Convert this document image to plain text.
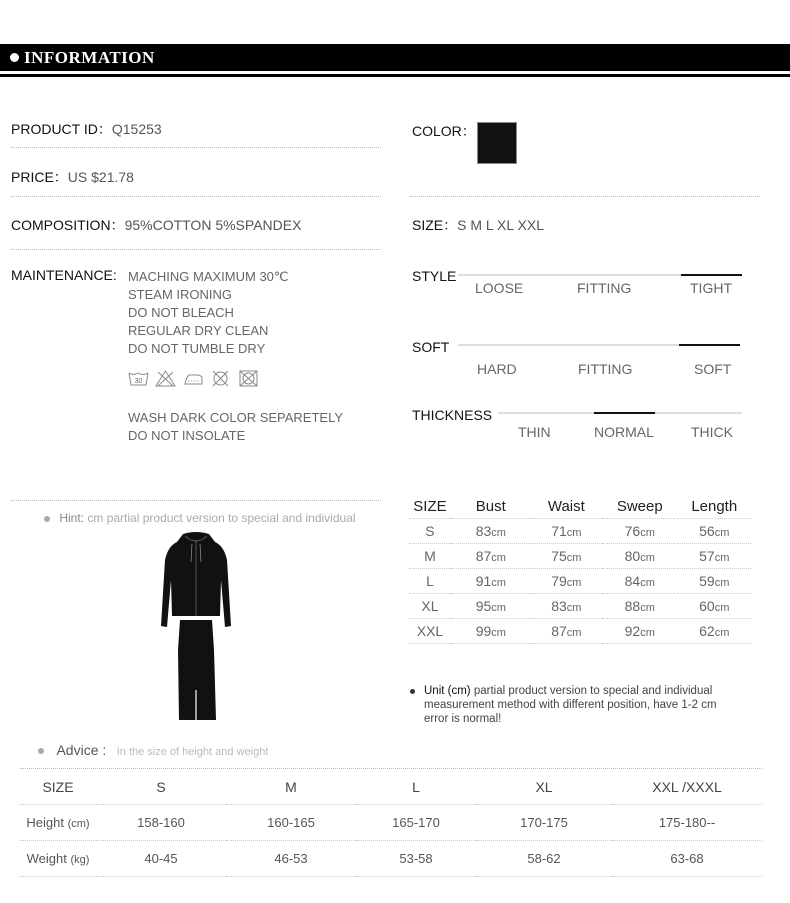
INFORMATION
PRODUCT ID：Q15253
PRICE：US $21.78
COMPOSITION：95%COTTON 5%SPANDEX
MAINTENANCE: MACHING MAXIMUM 30℃
STEAM IRONING
DO NOT BLEACH
REGULAR DRY CLEAN
DO NOT TUMBLE DRY
30

WASH DARK COLOR SEPARETELY
DO NOT INSOLATE
COLOR：
SIZE：S M L XL XXL
STYLE
LOOSE	FITTING	TIGHT
SOFT
HARD	FITTING	SOFT
THICKNESS
THIN	NORMAL	THICK
Hint: cm partial product version to special and individual
SIZE	Bust	Waist	Sweep	Length
S	83cm	71cm	76cm	56cm
M	87cm	75cm	80cm	57cm
L	91cm	79cm	84cm	59cm
XL	95cm	83cm	88cm	60cm
XXL	99cm	87cm	92cm	62cm
Unit (cm) partial product version to special and individual
measurement method with different position, have 1-2 cm
error is normal!
Advice : In the size of height and weight
SIZE	S	M	L	XL	XXL /XXXL
Height (cm)	158-160	160-165	165-170	170-175	175-180--
Weight (kg)	40-45	46-53	53-58	58-62	63-68
